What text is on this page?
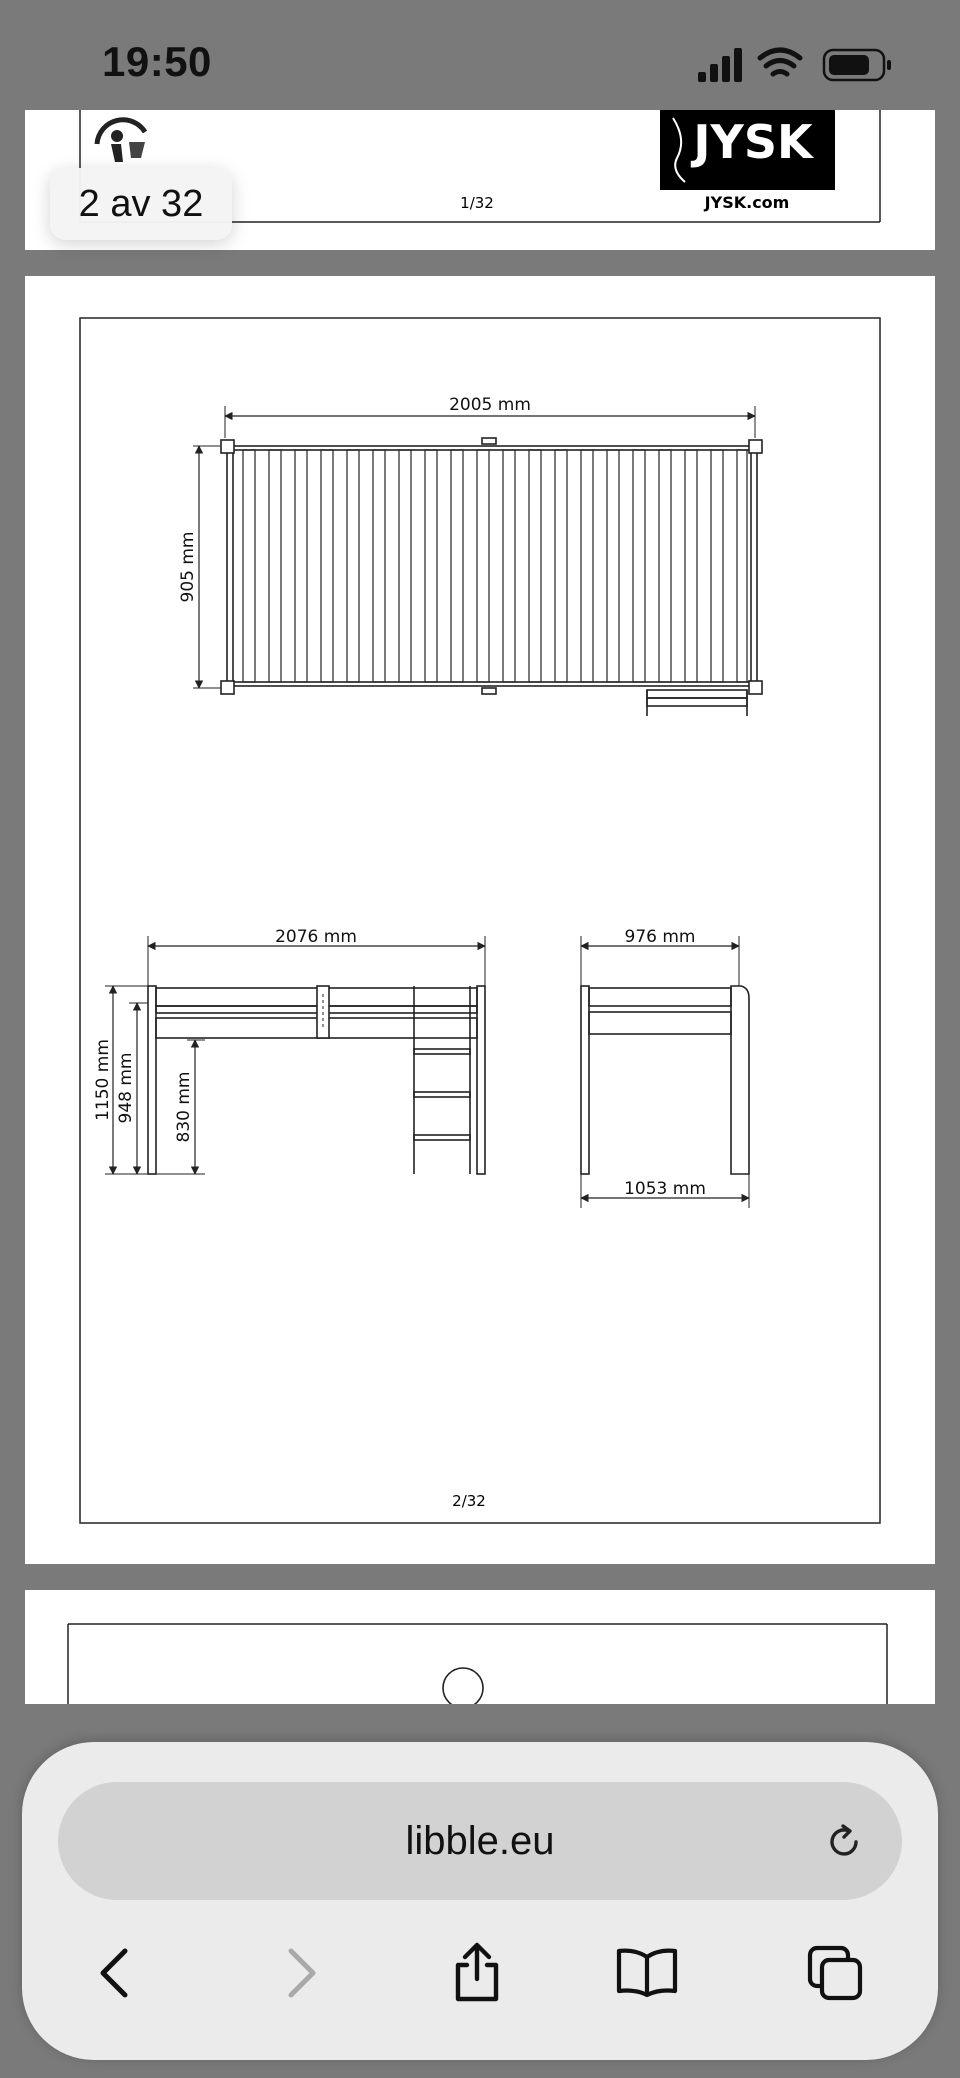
19:50
JYSK
JYSK.com
1/32
2005 mm
905 mm
2076 mm
1150 mm 948 mm 830 mm
976 mm
1053 mm
2/32
2 av 32
libble.eu
